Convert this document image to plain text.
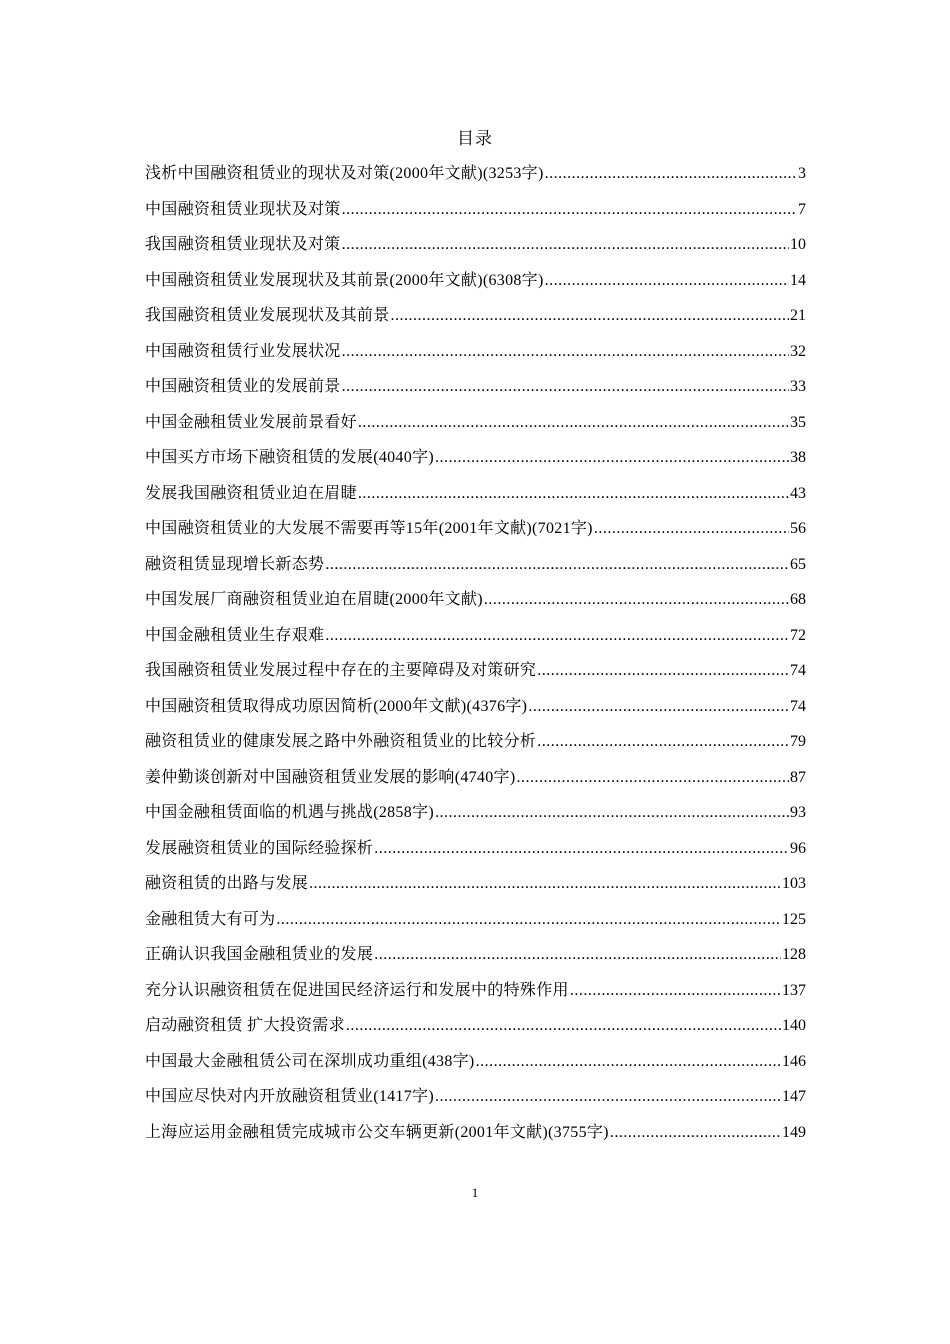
目录
浅析中国融资租赁业的现状及对策(2000年文献)(3253字) .....	3
中国融资租赁业现状及对策 .....	7
我国融资租赁业现状及对策 .....	10
中国融资租赁业发展现状及其前景(2000年文献)(6308字) .....	14
我国融资租赁业发展现状及其前景 .....	21
中国融资租赁行业发展状况 .....	32
中国融资租赁业的发展前景 .....	33
中国金融租赁业发展前景看好 .....	35
中国买方市场下融资租赁的发展(4040字) .....	38
发展我国融资租赁业迫在眉睫 .....	43
中国融资租赁业的大发展不需要再等15年(2001年文献)(7021字) .....	56
融资租赁显现增长新态势 .....	65
中国发展厂商融资租赁业迫在眉睫(2000年文献) .....	68
中国金融租赁业生存艰难 .....	72
我国融资租赁业发展过程中存在的主要障碍及对策研究 .....	74
中国融资租赁取得成功原因简析(2000年文献)(4376字) .....	74
融资租赁业的健康发展之路中外融资租赁业的比较分析 .....	79
姜仲勤谈创新对中国融资租赁业发展的影响(4740字) .....	87
中国金融租赁面临的机遇与挑战(2858字) .....	93
发展融资租赁业的国际经验探析 .....	96
融资租赁的出路与发展 .....	103
金融租赁大有可为 .....	125
正确认识我国金融租赁业的发展 .....	128
充分认识融资租赁在促进国民经济运行和发展中的特殊作用 .....	137
启动融资租赁 扩大投资需求 .....	140
中国最大金融租赁公司在深圳成功重组(438字) .....	146
中国应尽快对内开放融资租赁业(1417字) .....	147
上海应运用金融租赁完成城市公交车辆更新(2001年文献)(3755字) .....	149
1
